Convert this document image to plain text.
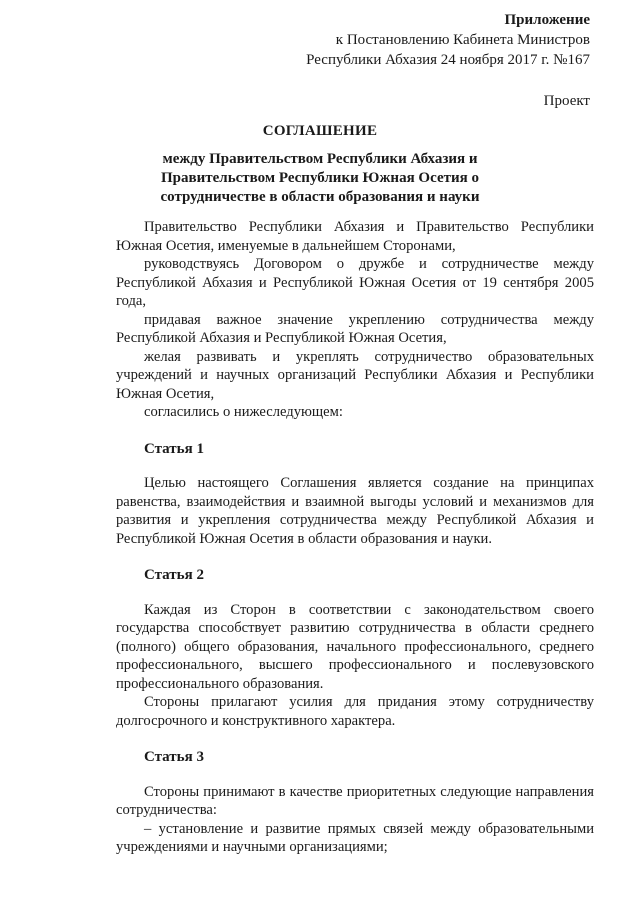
Приложение
к Постановлению Кабинета Министров
Республики Абхазия 24 ноября 2017 г. №167
Проект
СОГЛАШЕНИЕ
между Правительством Республики Абхазия и
Правительством Республики Южная Осетия о
сотрудничестве в области образования и науки

Правительство Республики Абхазия и Правительство Республики Южная Осетия, именуемые в дальнейшем Сторонами,

руководствуясь Договором о дружбе и сотрудничестве между Республикой Абхазия и Республикой Южная Осетия от 19 сентября 2005 года,

придавая важное значение укреплению сотрудничества между Республикой Абхазия и Республикой Южная Осетия,

желая развивать и укреплять сотрудничество образовательных учреждений и научных организаций Республики Абхазия и Республики Южная Осетия,

согласились о нижеследующем:

Статья 1

Целью настоящего Соглашения является создание на принципах равенства, взаимодействия и взаимной выгоды условий и механизмов для развития и укрепления сотрудничества между Республикой Абхазия и Республикой Южная Осетия в области образования и науки.

Статья 2

Каждая из Сторон в соответствии с законодательством своего государства способствует развитию сотрудничества в области среднего (полного) общего образования, начального профессионального, среднего профессионального, высшего профессионального и послевузовского профессионального образования.

Стороны прилагают усилия для придания этому сотрудничеству долгосрочного и конструктивного характера.

Статья 3

Стороны принимают в качестве приоритетных следующие направления сотрудничества:

– установление и развитие прямых связей между образовательными учреждениями и научными организациями;
